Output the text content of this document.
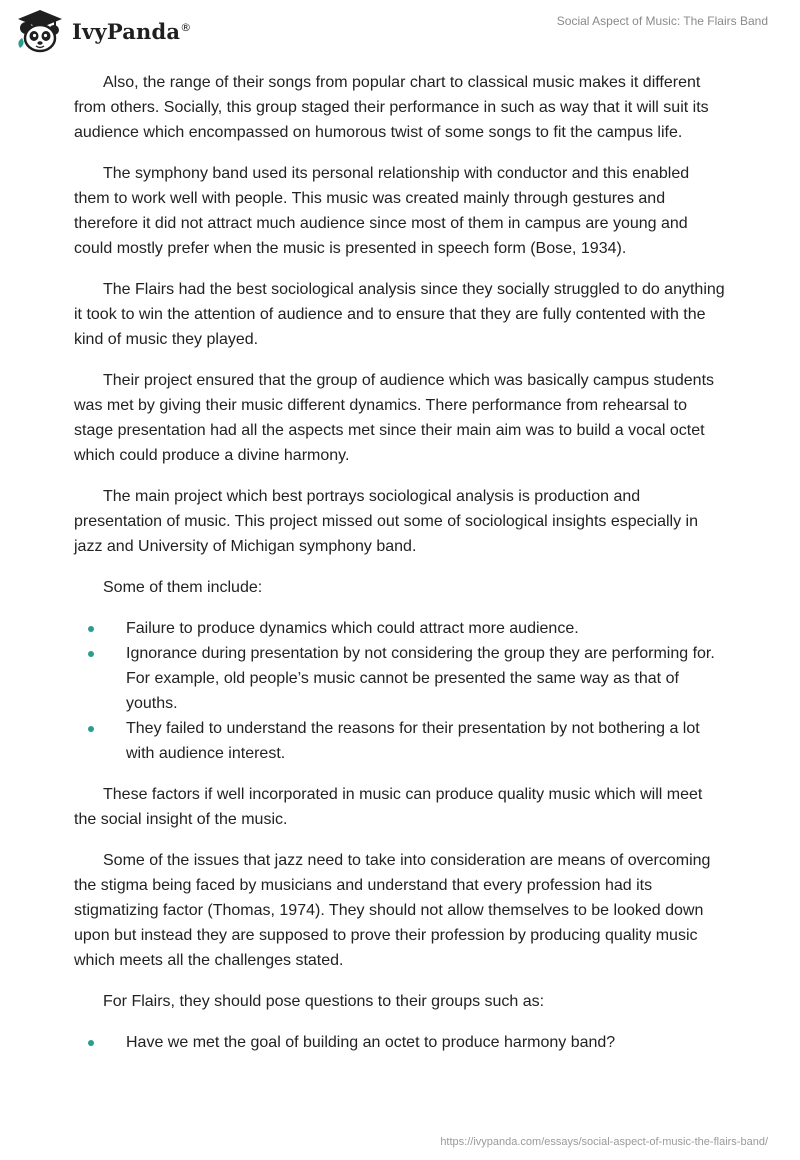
IvyPanda®	Social Aspect of Music: The Flairs Band

Also, the range of their songs from popular chart to classical music makes it different from others. Socially, this group staged their performance in such as way that it will suit its audience which encompassed on humorous twist of some songs to fit the campus life.

The symphony band used its personal relationship with conductor and this enabled them to work well with people. This music was created mainly through gestures and therefore it did not attract much audience since most of them in campus are young and could mostly prefer when the music is presented in speech form (Bose, 1934).

The Flairs had the best sociological analysis since they socially struggled to do anything it took to win the attention of audience and to ensure that they are fully contented with the kind of music they played.

Their project ensured that the group of audience which was basically campus students was met by giving their music different dynamics. There performance from rehearsal to stage presentation had all the aspects met since their main aim was to build a vocal octet which could produce a divine harmony.

The main project which best portrays sociological analysis is production and presentation of music. This project missed out some of sociological insights especially in jazz and University of Michigan symphony band.

Some of them include:

Failure to produce dynamics which could attract more audience.
Ignorance during presentation by not considering the group they are performing for. For example, old people’s music cannot be presented the same way as that of youths.
They failed to understand the reasons for their presentation by not bothering a lot with audience interest.

These factors if well incorporated in music can produce quality music which will meet the social insight of the music.

Some of the issues that jazz need to take into consideration are means of overcoming the stigma being faced by musicians and understand that every profession had its stigmatizing factor (Thomas, 1974). They should not allow themselves to be looked down upon but instead they are supposed to prove their profession by producing quality music which meets all the challenges stated.

For Flairs, they should pose questions to their groups such as:

Have we met the goal of building an octet to produce harmony band?
https://ivypanda.com/essays/social-aspect-of-music-the-flairs-band/
